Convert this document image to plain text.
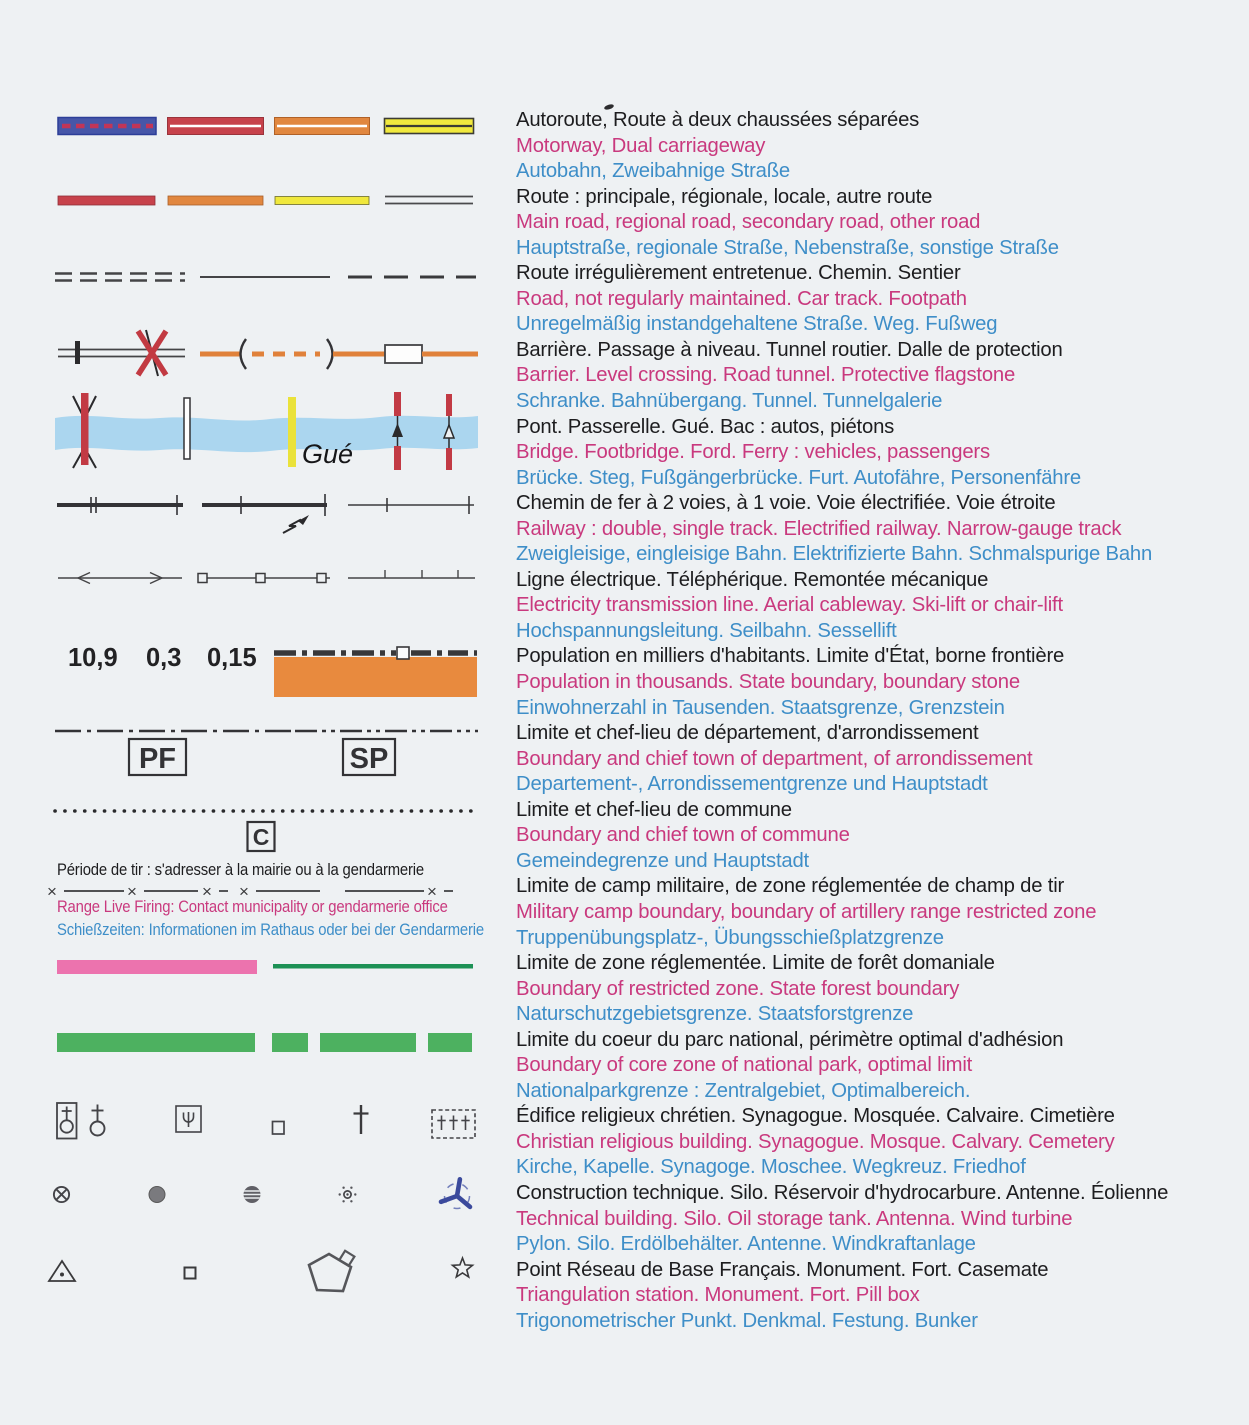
Gué
10,9 0,3 0,15
PF	SP
C
×	×	× ×	×
Autoroute, Route à deux chaussées séparées
Motorway, Dual carriageway
Autobahn, Zweibahnige Straße
Route : principale, régionale, locale, autre route
Main road, regional road, secondary road, other road
Hauptstraße, regionale Straße, Nebenstraße, sonstige Straße
Route irrégulièrement entretenue. Chemin. Sentier
Road, not regularly maintained. Car track. Footpath
Unregelmäßig instandgehaltene Straße. Weg. Fußweg
Barrière. Passage à niveau. Tunnel routier. Dalle de protection
Barrier. Level crossing. Road tunnel. Protective flagstone
Schranke. Bahnübergang. Tunnel. Tunnelgalerie
Pont. Passerelle. Gué. Bac : autos, piétons
Bridge. Footbridge. Ford. Ferry : vehicles, passengers
Brücke. Steg, Fußgängerbrücke. Furt. Autofähre, Personenfähre
Chemin de fer à 2 voies, à 1 voie. Voie électrifiée. Voie étroite
Railway : double, single track. Electrified railway. Narrow-gauge track
Zweigleisige, eingleisige Bahn. Elektrifizierte Bahn. Schmalspurige Bahn
Ligne électrique. Téléphérique. Remontée mécanique
Electricity transmission line. Aerial cableway. Ski-lift or chair-lift
Hochspannungsleitung. Seilbahn. Sessellift
Population en milliers d'habitants. Limite d'État, borne frontière
Population in thousands. State boundary, boundary stone
Einwohnerzahl in Tausenden. Staatsgrenze, Grenzstein
Limite et chef-lieu de département, d'arrondissement
Boundary and chief town of department, of arrondissement
Departement-, Arrondissementgrenze und Hauptstadt
Limite et chef-lieu de commune
Boundary and chief town of commune
Gemeindegrenze und Hauptstadt
Limite de camp militaire, de zone réglementée de champ de tir
Military camp boundary, boundary of artillery range restricted zone
Truppenübungsplatz-, Übungsschießplatzgrenze
Limite de zone réglementée. Limite de forêt domaniale
Boundary of restricted zone. State forest boundary
Naturschutzgebietsgrenze. Staatsforstgrenze
Limite du coeur du parc national, périmètre optimal d'adhésion
Boundary of core zone of national park, optimal limit
Nationalparkgrenze : Zentralgebiet, Optimalbereich.
Édifice religieux chrétien. Synagogue. Mosquée. Calvaire. Cimetière
Christian religious building. Synagogue. Mosque. Calvary. Cemetery
Kirche, Kapelle. Synagoge. Moschee. Wegkreuz. Friedhof
Construction technique. Silo. Réservoir d'hydrocarbure. Antenne. Éolienne
Technical building. Silo. Oil storage tank. Antenna. Wind turbine
Pylon. Silo. Erdölbehälter. Antenne. Windkraftanlage
Point Réseau de Base Français. Monument. Fort. Casemate
Triangulation station. Monument. Fort. Pill box
Trigonometrischer Punkt. Denkmal. Festung. Bunker
Période de tir : s'adresser à la mairie ou à la gendarmerie
Range Live Firing: Contact municipality or gendarmerie office
Schießzeiten: Informationen im Rathaus oder bei der Gendarmerie
